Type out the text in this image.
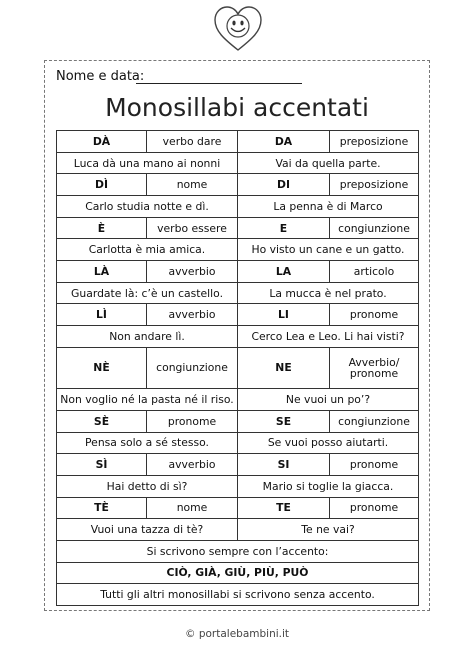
Nome e data:
Monosillabi accentati
DÀ	verbo dare	DA	preposizione
Luca dà una mano ai nonni		Vai da quella parte.	
DÌ	nome	DI	preposizione
Carlo studia notte e dì.		La penna è di Marco	
È	verbo essere	E	congiunzione
Carlotta è mia amica.		Ho visto un cane e un gatto.	
LÀ	avverbio	LA	articolo
Guardate là: c’è un castello.		La mucca è nel prato.	
LÌ	avverbio	LI	pronome
Non andare lì.		Cerco Lea e Leo. Li hai visti?	
NÈ	congiunzione	NE	Avverbio/
pronome
Non voglio né la pasta né il riso.		Ne vuoi un po’?	
SÈ	pronome	SE	congiunzione
Pensa solo a sé stesso.		Se vuoi posso aiutarti.	
SÌ	avverbio	SI	pronome
Hai detto di sì?		Mario si toglie la giacca.	
TÈ	nome	TE	pronome
Vuoi una tazza di tè?		Te ne vai?	
Si scrivono sempre con l’accento:			
CIÒ, GIÀ, GIÙ, PIÙ, PUÒ			
Tutti gli altri monosillabi si scrivono senza accento.			
© portalebambini.it
